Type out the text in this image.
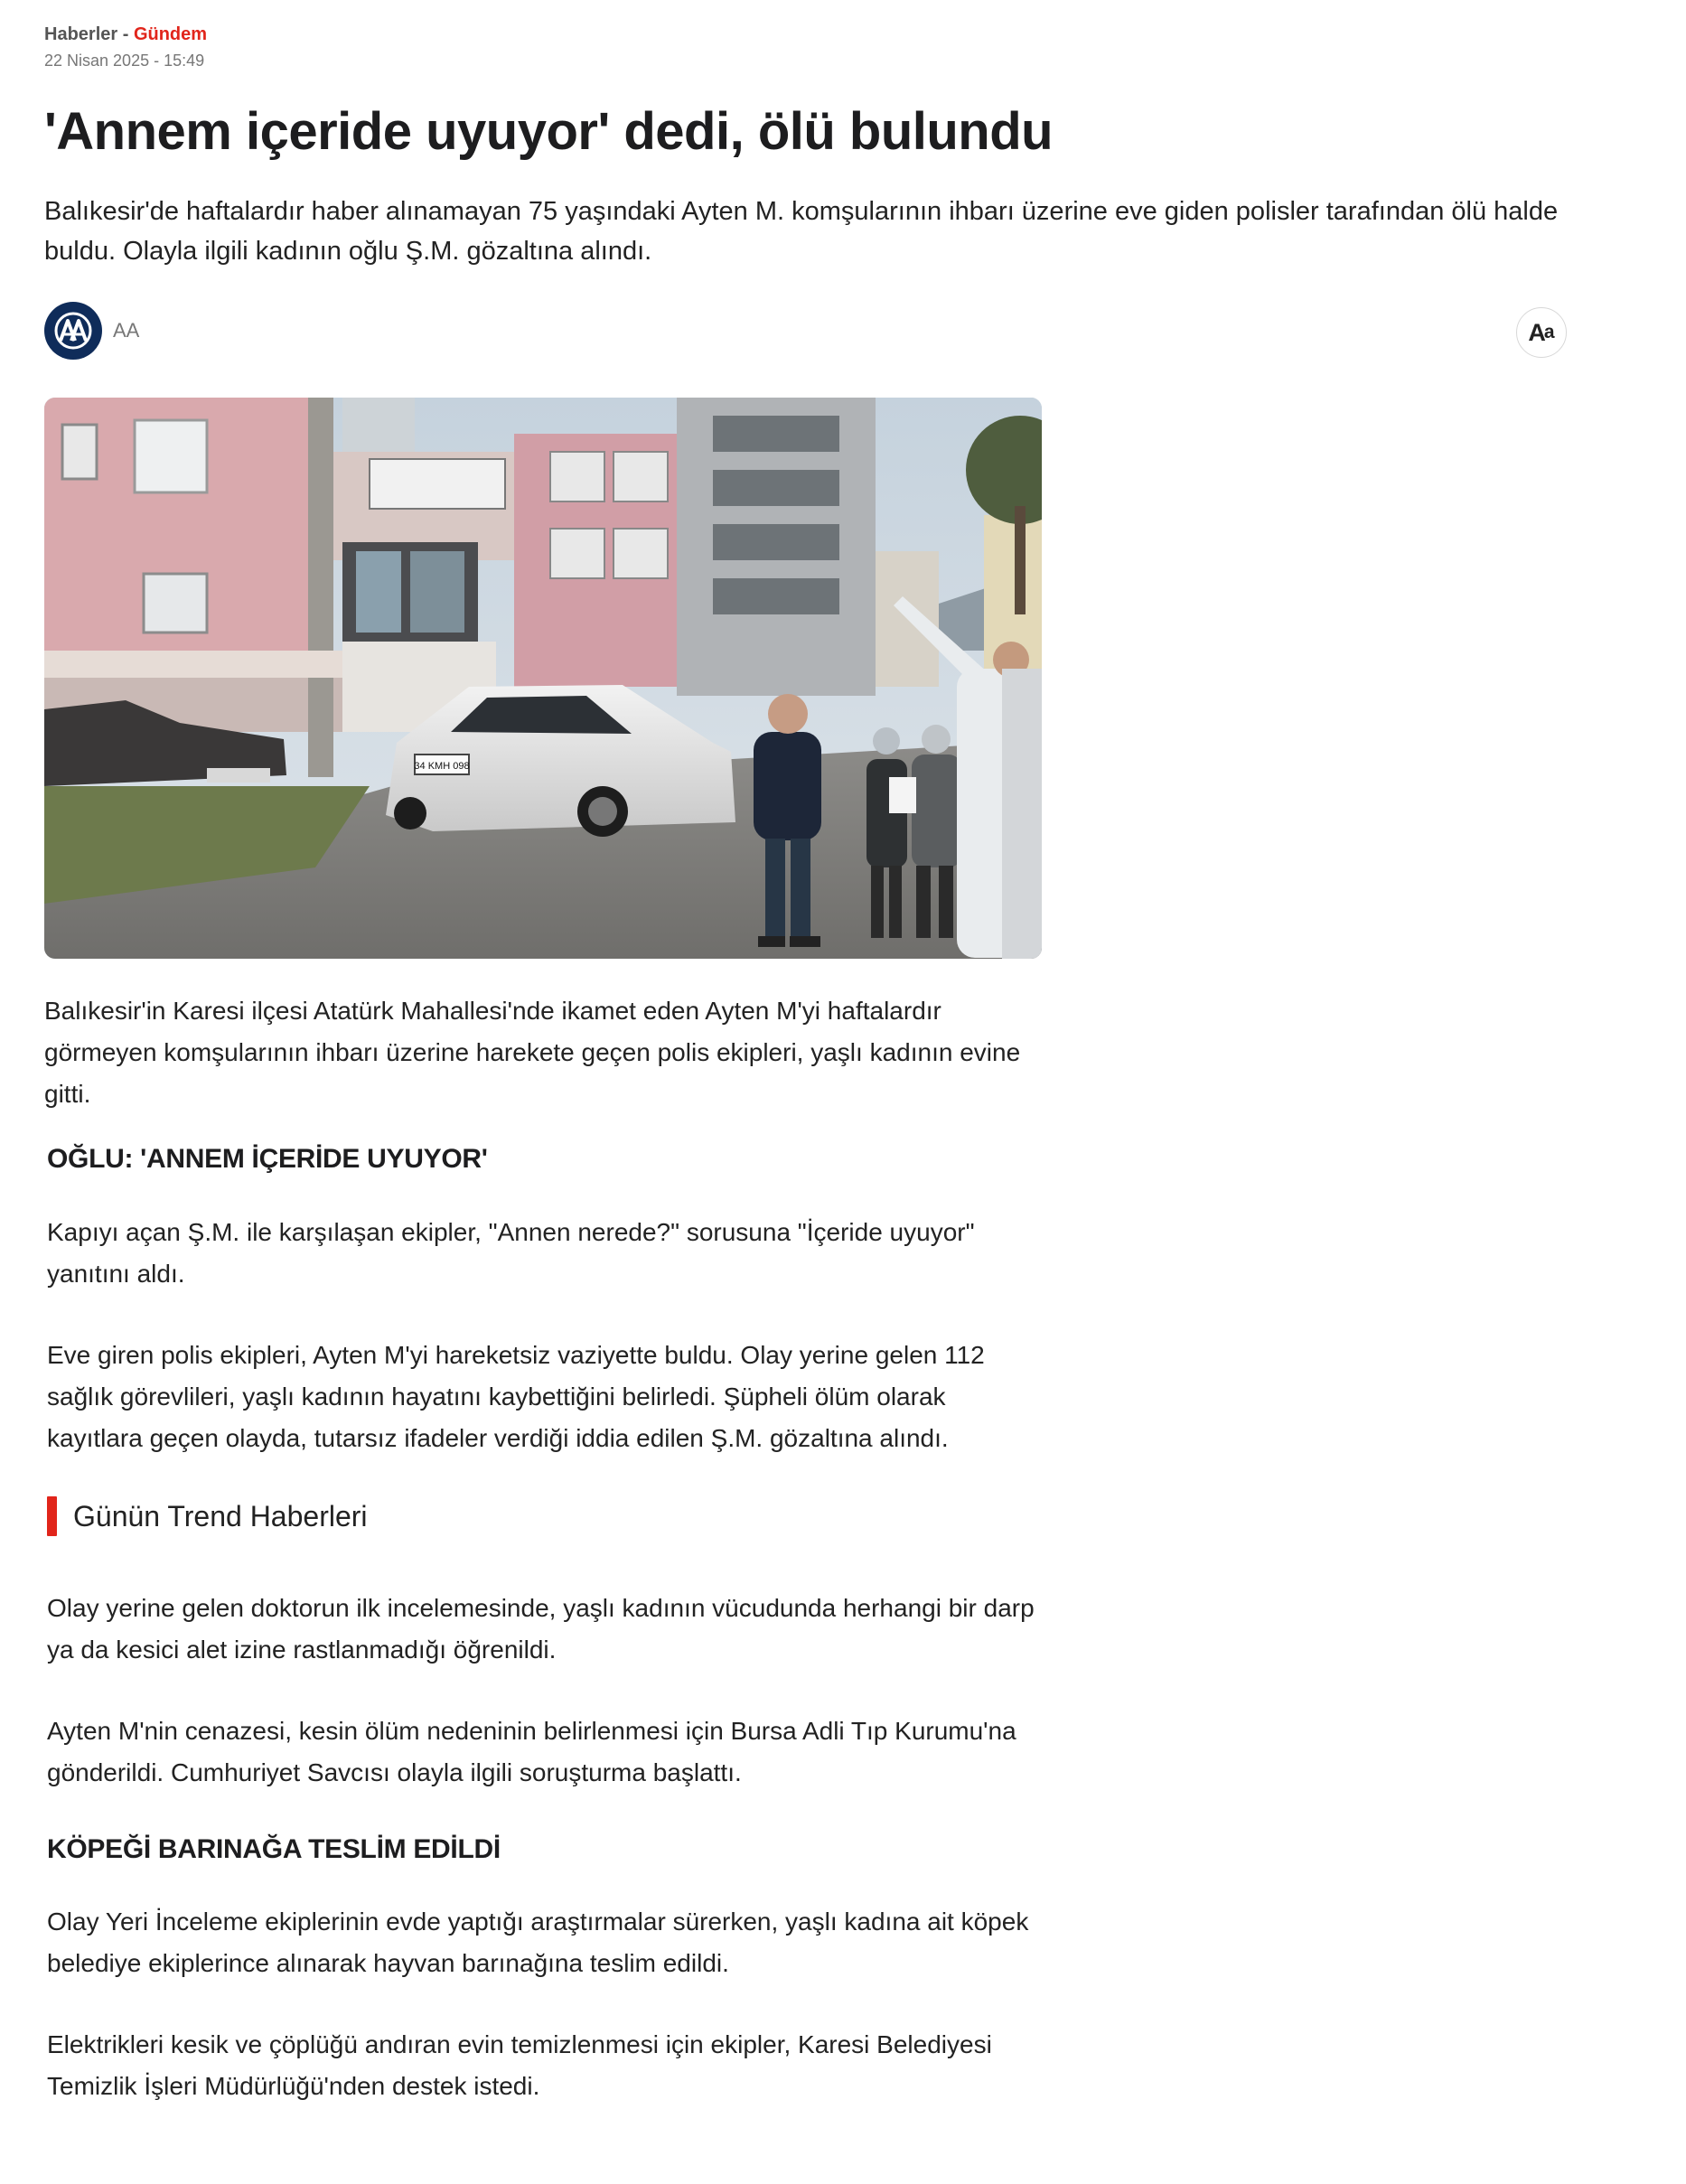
Haberler - Gündem
22 Nisan 2025 - 15:49
'Annem içeride uyuyor' dedi, ölü bulundu

Balıkesir'de haftalardır haber alınamayan 75 yaşındaki Ayten M. komşularının ihbarı üzerine eve giden polisler tarafından ölü halde buldu. Olayla ilgili kadının oğlu Ş.M. gözaltına alındı.

AA	A a
34 KMH 098

Balıkesir'in Karesi ilçesi Atatürk Mahallesi'nde ikamet eden Ayten M'yi haftalardır görmeyen komşularının ihbarı üzerine harekete geçen polis ekipleri, yaşlı kadının evine gitti.

OĞLU: 'ANNEM İÇERİDE UYUYOR'

Kapıyı açan Ş.M. ile karşılaşan ekipler, "Annen nerede?" sorusuna "İçeride uyuyor" yanıtını aldı.

Eve giren polis ekipleri, Ayten M'yi hareketsiz vaziyette buldu. Olay yerine gelen 112 sağlık görevlileri, yaşlı kadının hayatını kaybettiğini belirledi. Şüpheli ölüm olarak kayıtlara geçen olayda, tutarsız ifadeler verdiği iddia edilen Ş.M. gözaltına alındı.

Günün Trend Haberleri

Olay yerine gelen doktorun ilk incelemesinde, yaşlı kadının vücudunda herhangi bir darp ya da kesici alet izine rastlanmadığı öğrenildi.

Ayten M'nin cenazesi, kesin ölüm nedeninin belirlenmesi için Bursa Adli Tıp Kurumu'na gönderildi. Cumhuriyet Savcısı olayla ilgili soruşturma başlattı.

KÖPEĞİ BARINAĞA TESLİM EDİLDİ

Olay Yeri İnceleme ekiplerinin evde yaptığı araştırmalar sürerken, yaşlı kadına ait köpek belediye ekiplerince alınarak hayvan barınağına teslim edildi.

Elektrikleri kesik ve çöplüğü andıran evin temizlenmesi için ekipler, Karesi Belediyesi Temizlik İşleri Müdürlüğü'nden destek istedi.
